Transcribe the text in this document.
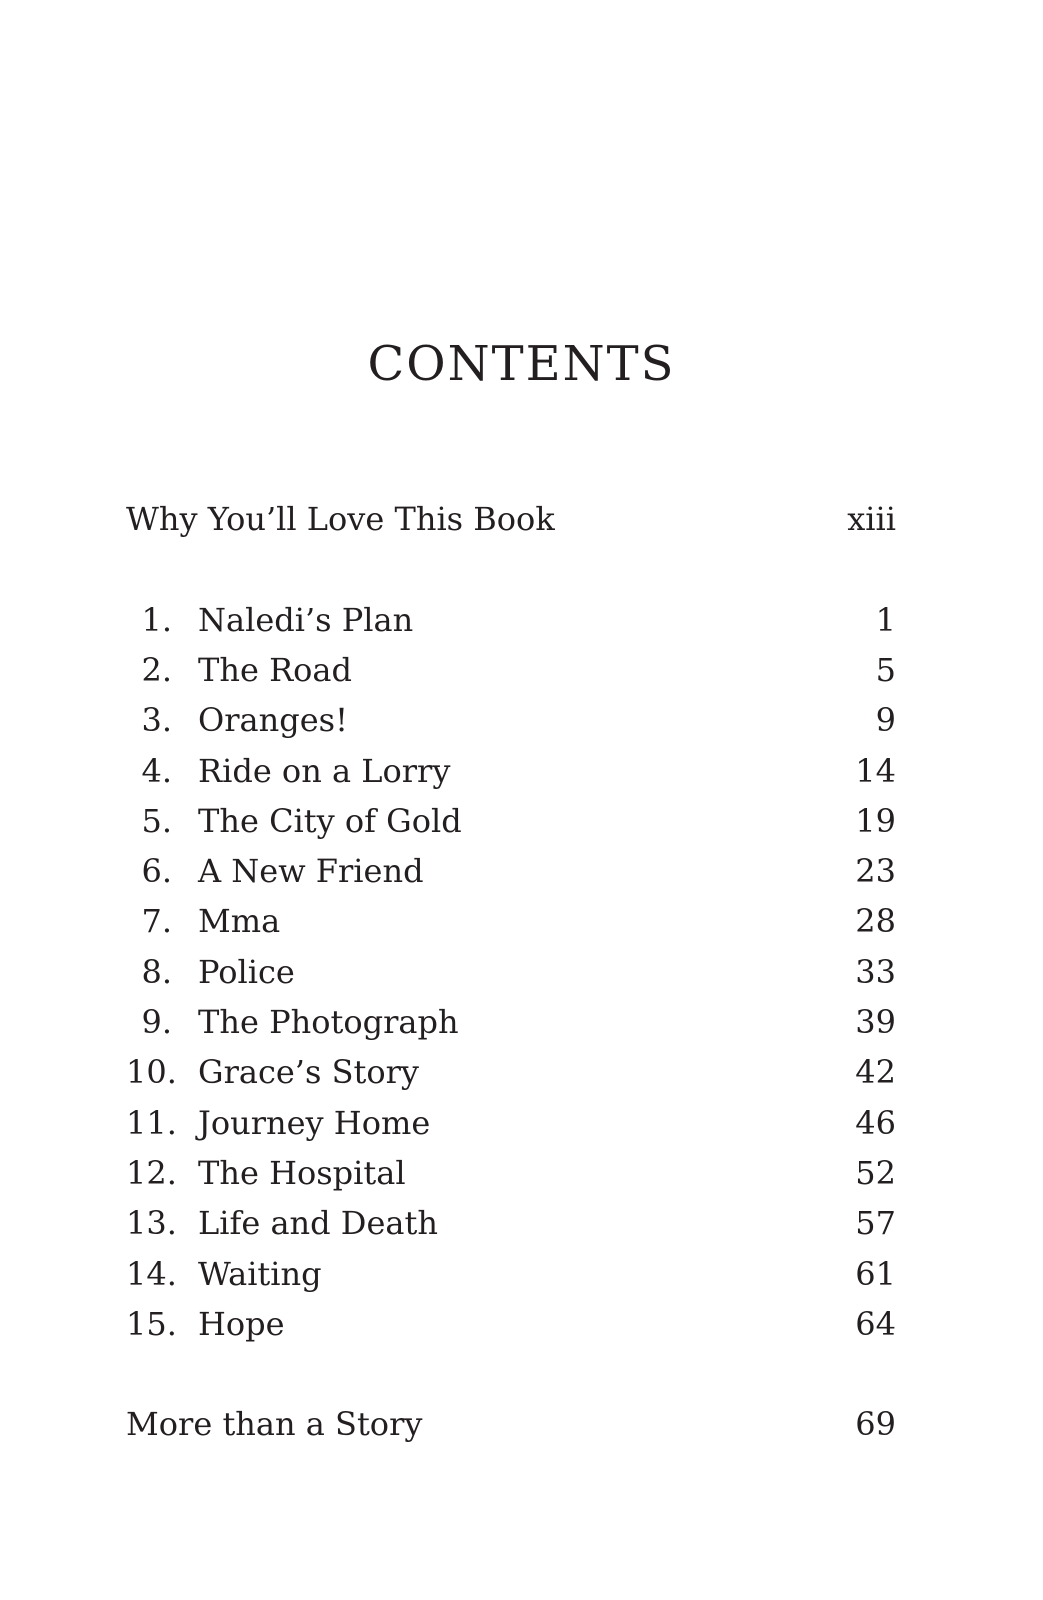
CONTENTS
Why You’ll Love This Book	xiii
1. Naledi’s Plan	1
2. The Road	5
3. Oranges!	9
4. Ride on a Lorry	14
5. The City of Gold	19
6. A New Friend	23
7. Mma	28
8. Police	33
9. The Photograph	39
10. Grace’s Story	42
11. Journey Home	46
12. The Hospital	52
13. Life and Death	57
14. Waiting	61
15. Hope	64
More than a Story	69
